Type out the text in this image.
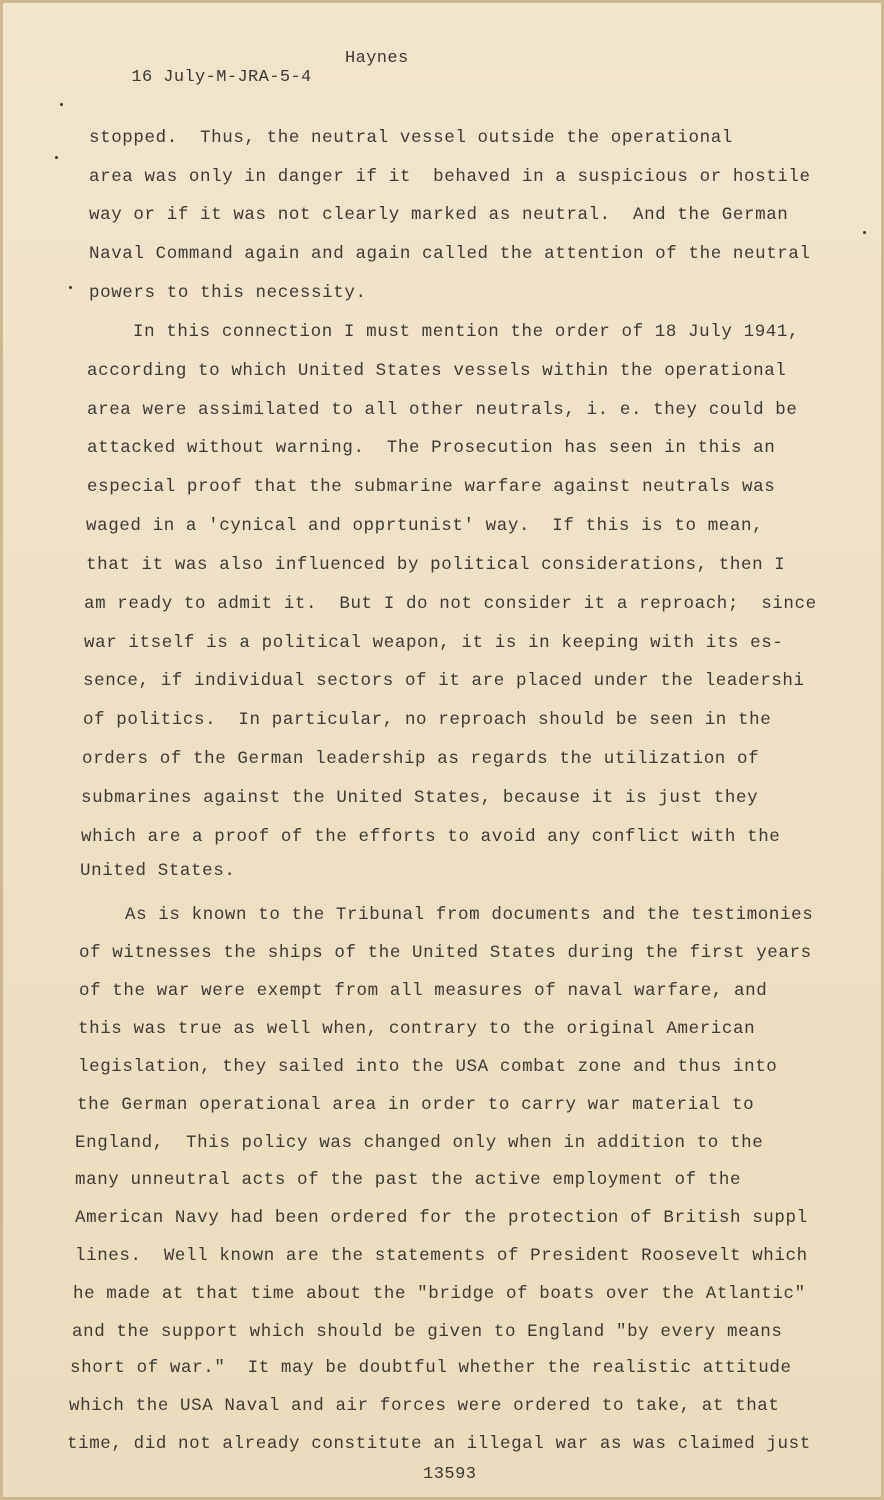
16 July-M-JRA-5-4

Haynes

stopped.  Thus, the neutral vessel outside the operational
area was only in danger if it  behaved in a suspicious or hostile
way or if it was not clearly marked as neutral.  And the German
Naval Command again and again called the attention of the neutral
powers to this necessity.
In this connection I must mention the order of 18 July 1941,
according to which United States vessels within the operational
area were assimilated to all other neutrals, i. e. they could be
attacked without warning.  The Prosecution has seen in this an
especial proof that the submarine warfare against neutrals was
waged in a 'cynical and opprtunist' way.  If this is to mean,
that it was also influenced by political considerations, then I
am ready to admit it.  But I do not consider it a reproach;  since
war itself is a political weapon, it is in keeping with its es-
sence, if individual sectors of it are placed under the leadershi
of politics.  In particular, no reproach should be seen in the
orders of the German leadership as regards the utilization of
submarines against the United States, because it is just they
which are a proof of the efforts to avoid any conflict with the
United States.
As is known to the Tribunal from documents and the testimonies
of witnesses the ships of the United States during the first years
of the war were exempt from all measures of naval warfare, and
this was true as well when, contrary to the original American
legislation, they sailed into the USA combat zone and thus into
the German operational area in order to carry war material to
England,  This policy was changed only when in addition to the
many unneutral acts of the past the active employment of the
American Navy had been ordered for the protection of British suppl
lines.  Well known are the statements of President Roosevelt which
he made at that time about the "bridge of boats over the Atlantic"
and the support which should be given to England "by every means
short of war."  It may be doubtful whether the realistic attitude
which the USA Naval and air forces were ordered to take, at that
time, did not already constitute an illegal war as was claimed just
13593
